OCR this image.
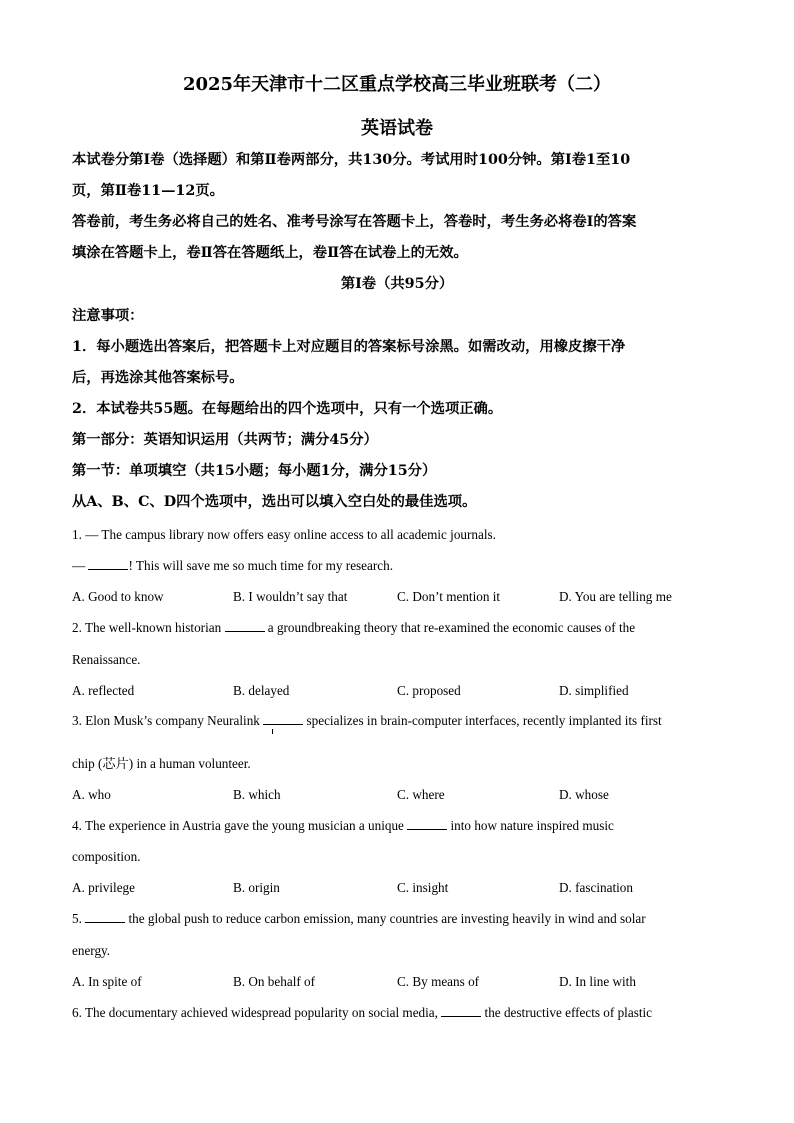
2025年天津市十二区重点学校高三毕业班联考（二）
英语试卷
本试卷分第Ⅰ卷（选择题）和第Ⅱ卷两部分，共130分。考试用时100分钟。第Ⅰ卷1至10
页，第Ⅱ卷11—12页。
答卷前，考生务必将自己的姓名、准考号涂写在答题卡上，答卷时，考生务必将卷Ⅰ的答案
填涂在答题卡上，卷Ⅱ答在答题纸上，卷Ⅱ答在试卷上的无效。
第Ⅰ卷（共95分）
注意事项：
1．每小题选出答案后，把答题卡上对应题目的答案标号涂黑。如需改动，用橡皮擦干净
后，再选涂其他答案标号。
2．本试卷共55题。在每题给出的四个选项中，只有一个选项正确。
第一部分：英语知识运用（共两节；满分45分）
第一节：单项填空（共15小题；每小题1分，满分15分）
从A、B、C、D四个选项中，选出可以填入空白处的最佳选项。
1. — The campus library now offers easy online access to all academic journals.
—	! This will save me so much time for my research.
A. Good to know	B. I wouldn’t say that	C. Don’t mention it	D. You are telling me
2. The well-known historian	a groundbreaking theory that re-examined the economic causes of the
Renaissance.
A. reflected	B. delayed	C. proposed	D. simplified
3. Elon Musk’s company Neuralink	specializes in brain-computer interfaces, recently implanted its first
chip (芯片) in a human volunteer.
A. who	B. which	C. where	D. whose
4. The experience in Austria gave the young musician a unique	into how nature inspired music
composition.
A. privilege	B. origin	C. insight	D. fascination
5.	the global push to reduce carbon emission, many countries are investing heavily in wind and solar
energy.
A. In spite of	B. On behalf of	C. By means of	D. In line with
6. The documentary achieved widespread popularity on social media,	the destructive effects of plastic
